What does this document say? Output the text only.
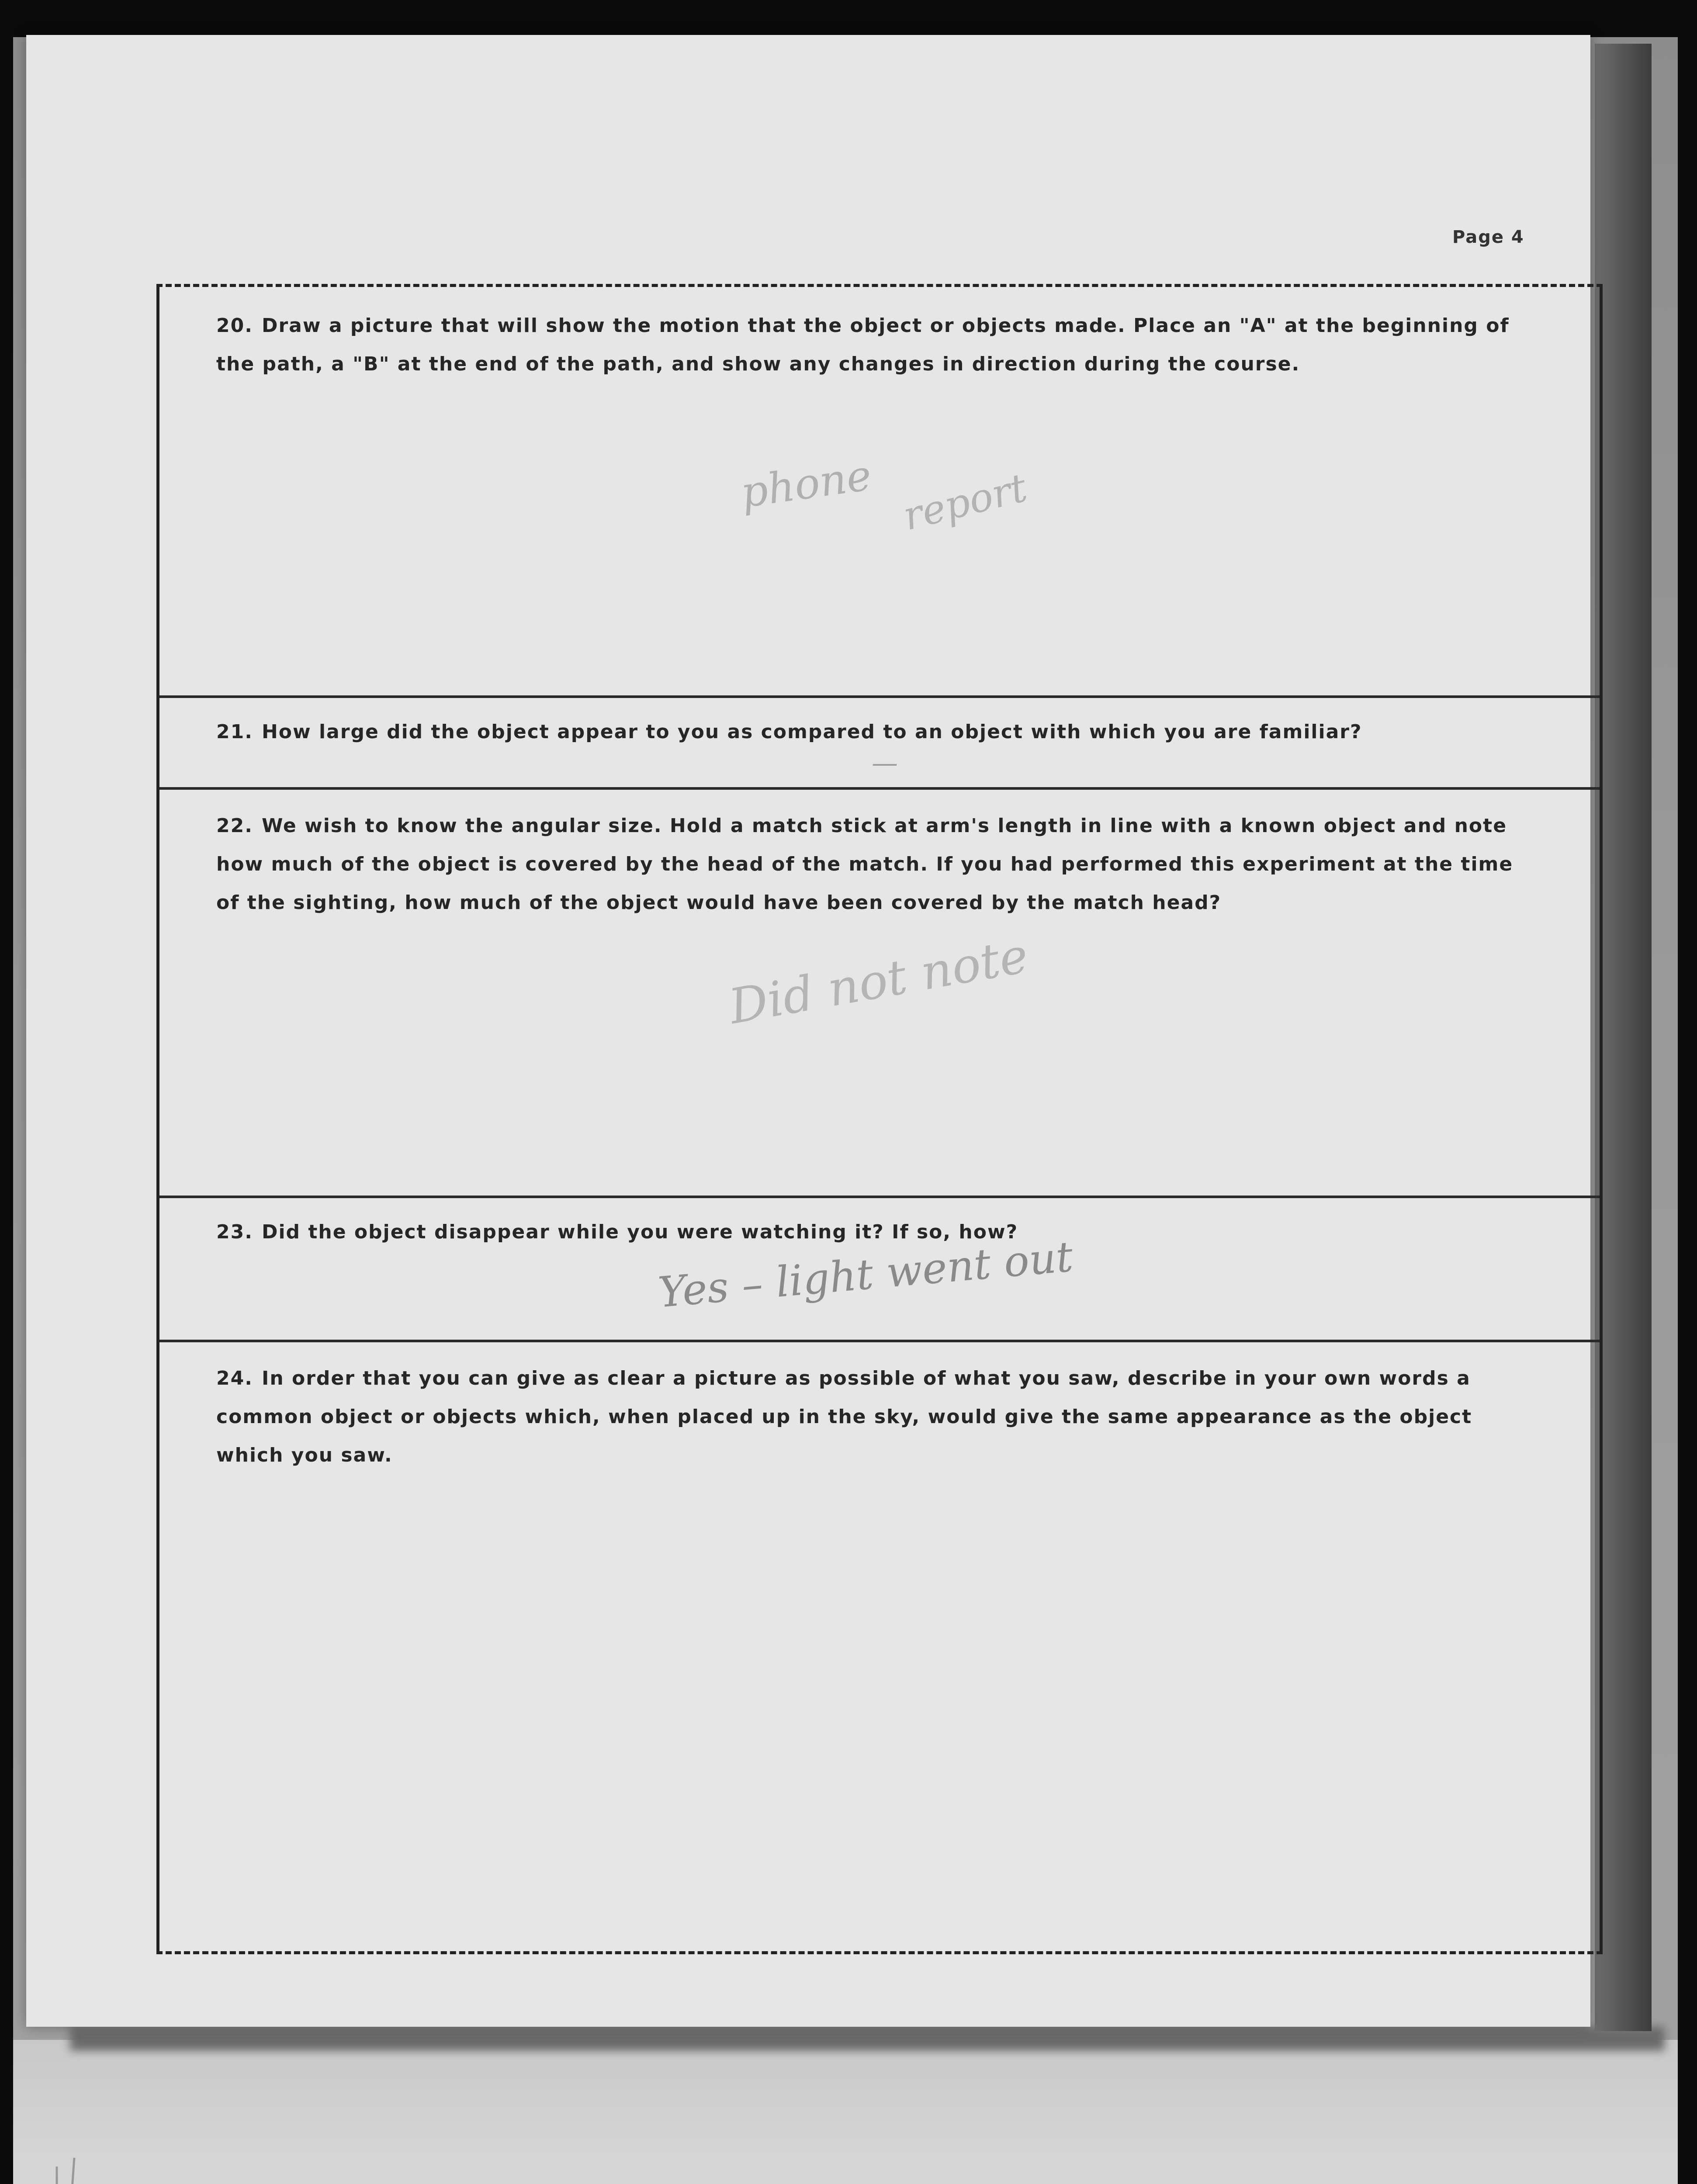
Page 4
20. Draw a picture that will show the motion that the object or objects made. Place an "A" at the beginning of the path, a "B" at the end of the path, and show any changes in direction during the course.
phone report
21. How large did the object appear to you as compared to an object with which you are familiar?
—
22. We wish to know the angular size. Hold a match stick at arm's length in line with a known object and note how much of the object is covered by the head of the match. If you had performed this experiment at the time of the sighting, how much of the object would have been covered by the match head?
Did not note
23. Did the object disappear while you were watching it? If so, how?
Yes – light went out
24. In order that you can give as clear a picture as possible of what you saw, describe in your own words a common object or objects which, when placed up in the sky, would give the same appearance as the object which you saw.
